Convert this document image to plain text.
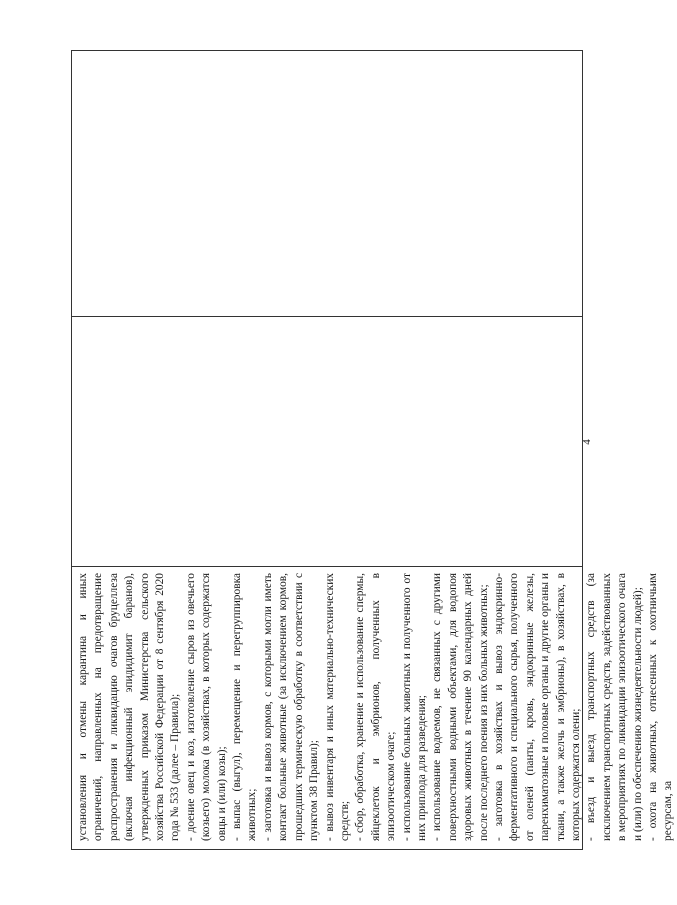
установления и отмены карантина и иных ограничений, направленных на предотвращение распространения и ликвидацию очагов бруцеллеза (включая инфекционный эпидидимит баранов), утвержденных приказом Министерства сельского хозяйства Российской Федерации от 8 сентября 2020 года № 533 (далее – Правила); - доение овец и коз, изготовление сыров из овечьего (козьего) молока (в хозяйствах, в которых содержатся овцы и (или) козы); - выпас (выгул), перемещение и перегруппировка животных; - заготовка и вывоз кормов, с которыми могли иметь контакт больные животные (за исключением кормов, прошедших термическую обработку в соответствии с пунктом 38 Правил); - вывоз инвентаря и иных материально-технических средств; - сбор, обработка, хранение и использование спермы, яйцеклеток и эмбрионов, полученных в эпизоотическом очаге; - использование больных животных и полученного от них приплода для разведения; - использование водоемов, не связанных с другими поверхностными водными объектами, для водопоя здоровых животных в течение 90 календарных дней после последнего поения из них больных животных; - заготовка в хозяйствах и вывоз эндокринно-ферментативного и специального сырья, полученного от оленей (панты, кровь, эндокринные железы, паренхиматозные и половые органы и другие органы и ткани, а также желчь и эмбрионы), в хозяйствах, в которых содержатся олени; - въезд и выезд транспортных средств (за исключением транспортных средств, задействованных в мероприятиях по ликвидации эпизоотического очага и (или) по обеспечению жизнедеятельности людей); - охота на животных, отнесенных к охотничьим ресурсам, за

4
